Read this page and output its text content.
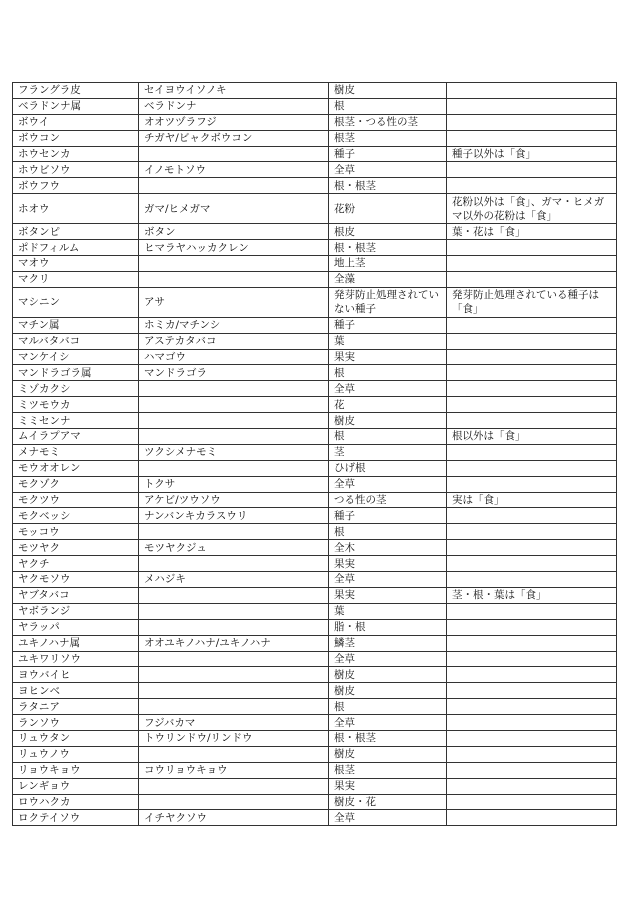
フラングラ皮	セイヨウイソノキ	樹皮	
ベラドンナ属	ベラドンナ	根	
ボウイ	オオツヅラフジ	根茎・つる性の茎	
ボウコン	チガヤ/ビャクボウコン	根茎	
ホウセンカ		種子	種子以外は「食」
ホウビソウ	イノモトソウ	全草	
ボウフウ		根・根茎	
ホオウ	ガマ/ヒメガマ	花粉	花粉以外は「食」、ガマ・ヒメガマ以外の花粉は「食」
ボタンピ	ボタン	根皮	葉・花は「食」
ポドフィルム	ヒマラヤハッカクレン	根・根茎	
マオウ		地上茎	
マクリ		全藻	
マシニン	アサ	発芽防止処理されていない種子	発芽防止処理されている種子は「食」
マチン属	ホミカ/マチンシ	種子	
マルバタバコ	アステカタバコ	葉	
マンケイシ	ハマゴウ	果実	
マンドラゴラ属	マンドラゴラ	根	
ミゾカクシ		全草	
ミツモウカ		花	
ミミセンナ		樹皮	
ムイラプアマ		根	根以外は「食」
メナモミ	ツクシメナモミ	茎	
モウオオレン		ひげ根	
モクゾク	トクサ	全草	
モクツウ	アケビ/ツウソウ	つる性の茎	実は「食」
モクベッシ	ナンバンキカラスウリ	種子	
モッコウ		根	
モツヤク	モツヤクジュ	全木	
ヤクチ		果実	
ヤクモソウ	メハジキ	全草	
ヤブタバコ		果実	茎・根・葉は「食」
ヤボランジ		葉	
ヤラッパ		脂・根	
ユキノハナ属	オオユキノハナ/ユキノハナ	鱗茎	
ユキワリソウ		全草	
ヨウバイヒ		樹皮	
ヨヒンベ		樹皮	
ラタニア		根	
ランソウ	フジバカマ	全草	
リュウタン	トウリンドウ/リンドウ	根・根茎	
リュウノウ		樹皮	
リョウキョウ	コウリョウキョウ	根茎	
レンギョウ		果実	
ロウハクカ		樹皮・花	
ロクテイソウ	イチヤクソウ	全草	
